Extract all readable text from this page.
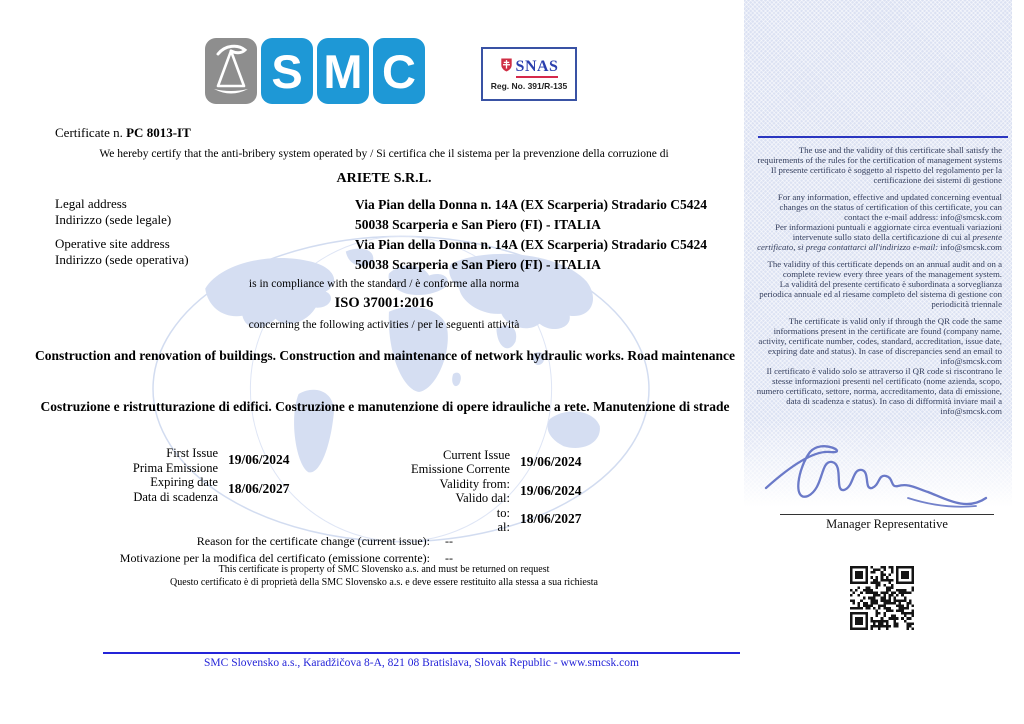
S M C	SNAS
Reg. No. 391/R-135
Certificate n. PC 8013-IT
We hereby certify that the anti-bribery system operated by / Si certifica che il sistema per la prevenzione della corruzione di
ARIETE S.R.L.
Legal address
Indirizzo (sede legale)
Via Pian della Donna n. 14A (EX Scarperia) Stradario C5424
50038 Scarperia e San Piero (FI) - ITALIA
Operative site address
Indirizzo (sede operativa)
Via Pian della Donna n. 14A (EX Scarperia) Stradario C5424
50038 Scarperia e San Piero (FI) - ITALIA
is in compliance with the standard / è conforme alla norma
ISO 37001:2016
concerning the following activities / per le seguenti attività
Construction and renovation of buildings. Construction and maintenance of network hydraulic works. Road maintenance
Costruzione e ristrutturazione di edifici. Costruzione e manutenzione di opere idrauliche a rete. Manutenzione di strade
First Issue
Prima Emissione
Expiring date
Data di scadenza
19/06/2024
18/06/2027
Current Issue
Emissione Corrente
Validity from:
Valido dal:
to:
al:
19/06/2024
19/06/2024
18/06/2027
Reason for the certificate change (current issue):
Motivazione per la modifica del certificato (emissione corrente):
--
--
This certificate is property of SMC Slovensko a.s. and must be returned on request
Questo certificato è di proprietà della SMC Slovensko a.s. e deve essere restituito alla stessa a sua richiesta
SMC Slovensko a.s., Karadžičova 8-A, 821 08 Bratislava, Slovak Republic - www.smcsk.com

The use and the validity of this certificate shall satisfy the requirements of the rules for the certification of management systems
Il presente certificato è soggetto al rispetto del regolamento per la certificazione dei sistemi di gestione

For any information, effective and updated concerning eventual changes on the status of certification of this certificate, you can contact the e-mail address: info@smcsk.com
Per informazioni puntuali e aggiornate circa eventuali variazioni intervenute sullo stato della certificazione di cui al presente certificato, si prega contattarci all'indirizzo e-mail: info@smcsk.com

The validity of this certificate depends on an annual audit and on a complete review every three years of the management system.
La validità del presente certificato è subordinata a sorveglianza periodica annuale ed al riesame completo del sistema di gestione con periodicità triennale

The certificate is valid only if through the QR code the same informations present in the certificate are found (company name, activity, certificate number, codes, standard, accreditation, issue date, expiring date and status). In case of discrepancies send an email to info@smcsk.com
Il certificato è valido solo se attraverso il QR code si riscontrano le stesse informazioni presenti nel certificato (nome azienda, scopo, numero certificato, settore, norma, accreditamento, data di emissione, data di scadenza e status). In caso di difformità inviare mail a info@smcsk.com

Manager Representative
